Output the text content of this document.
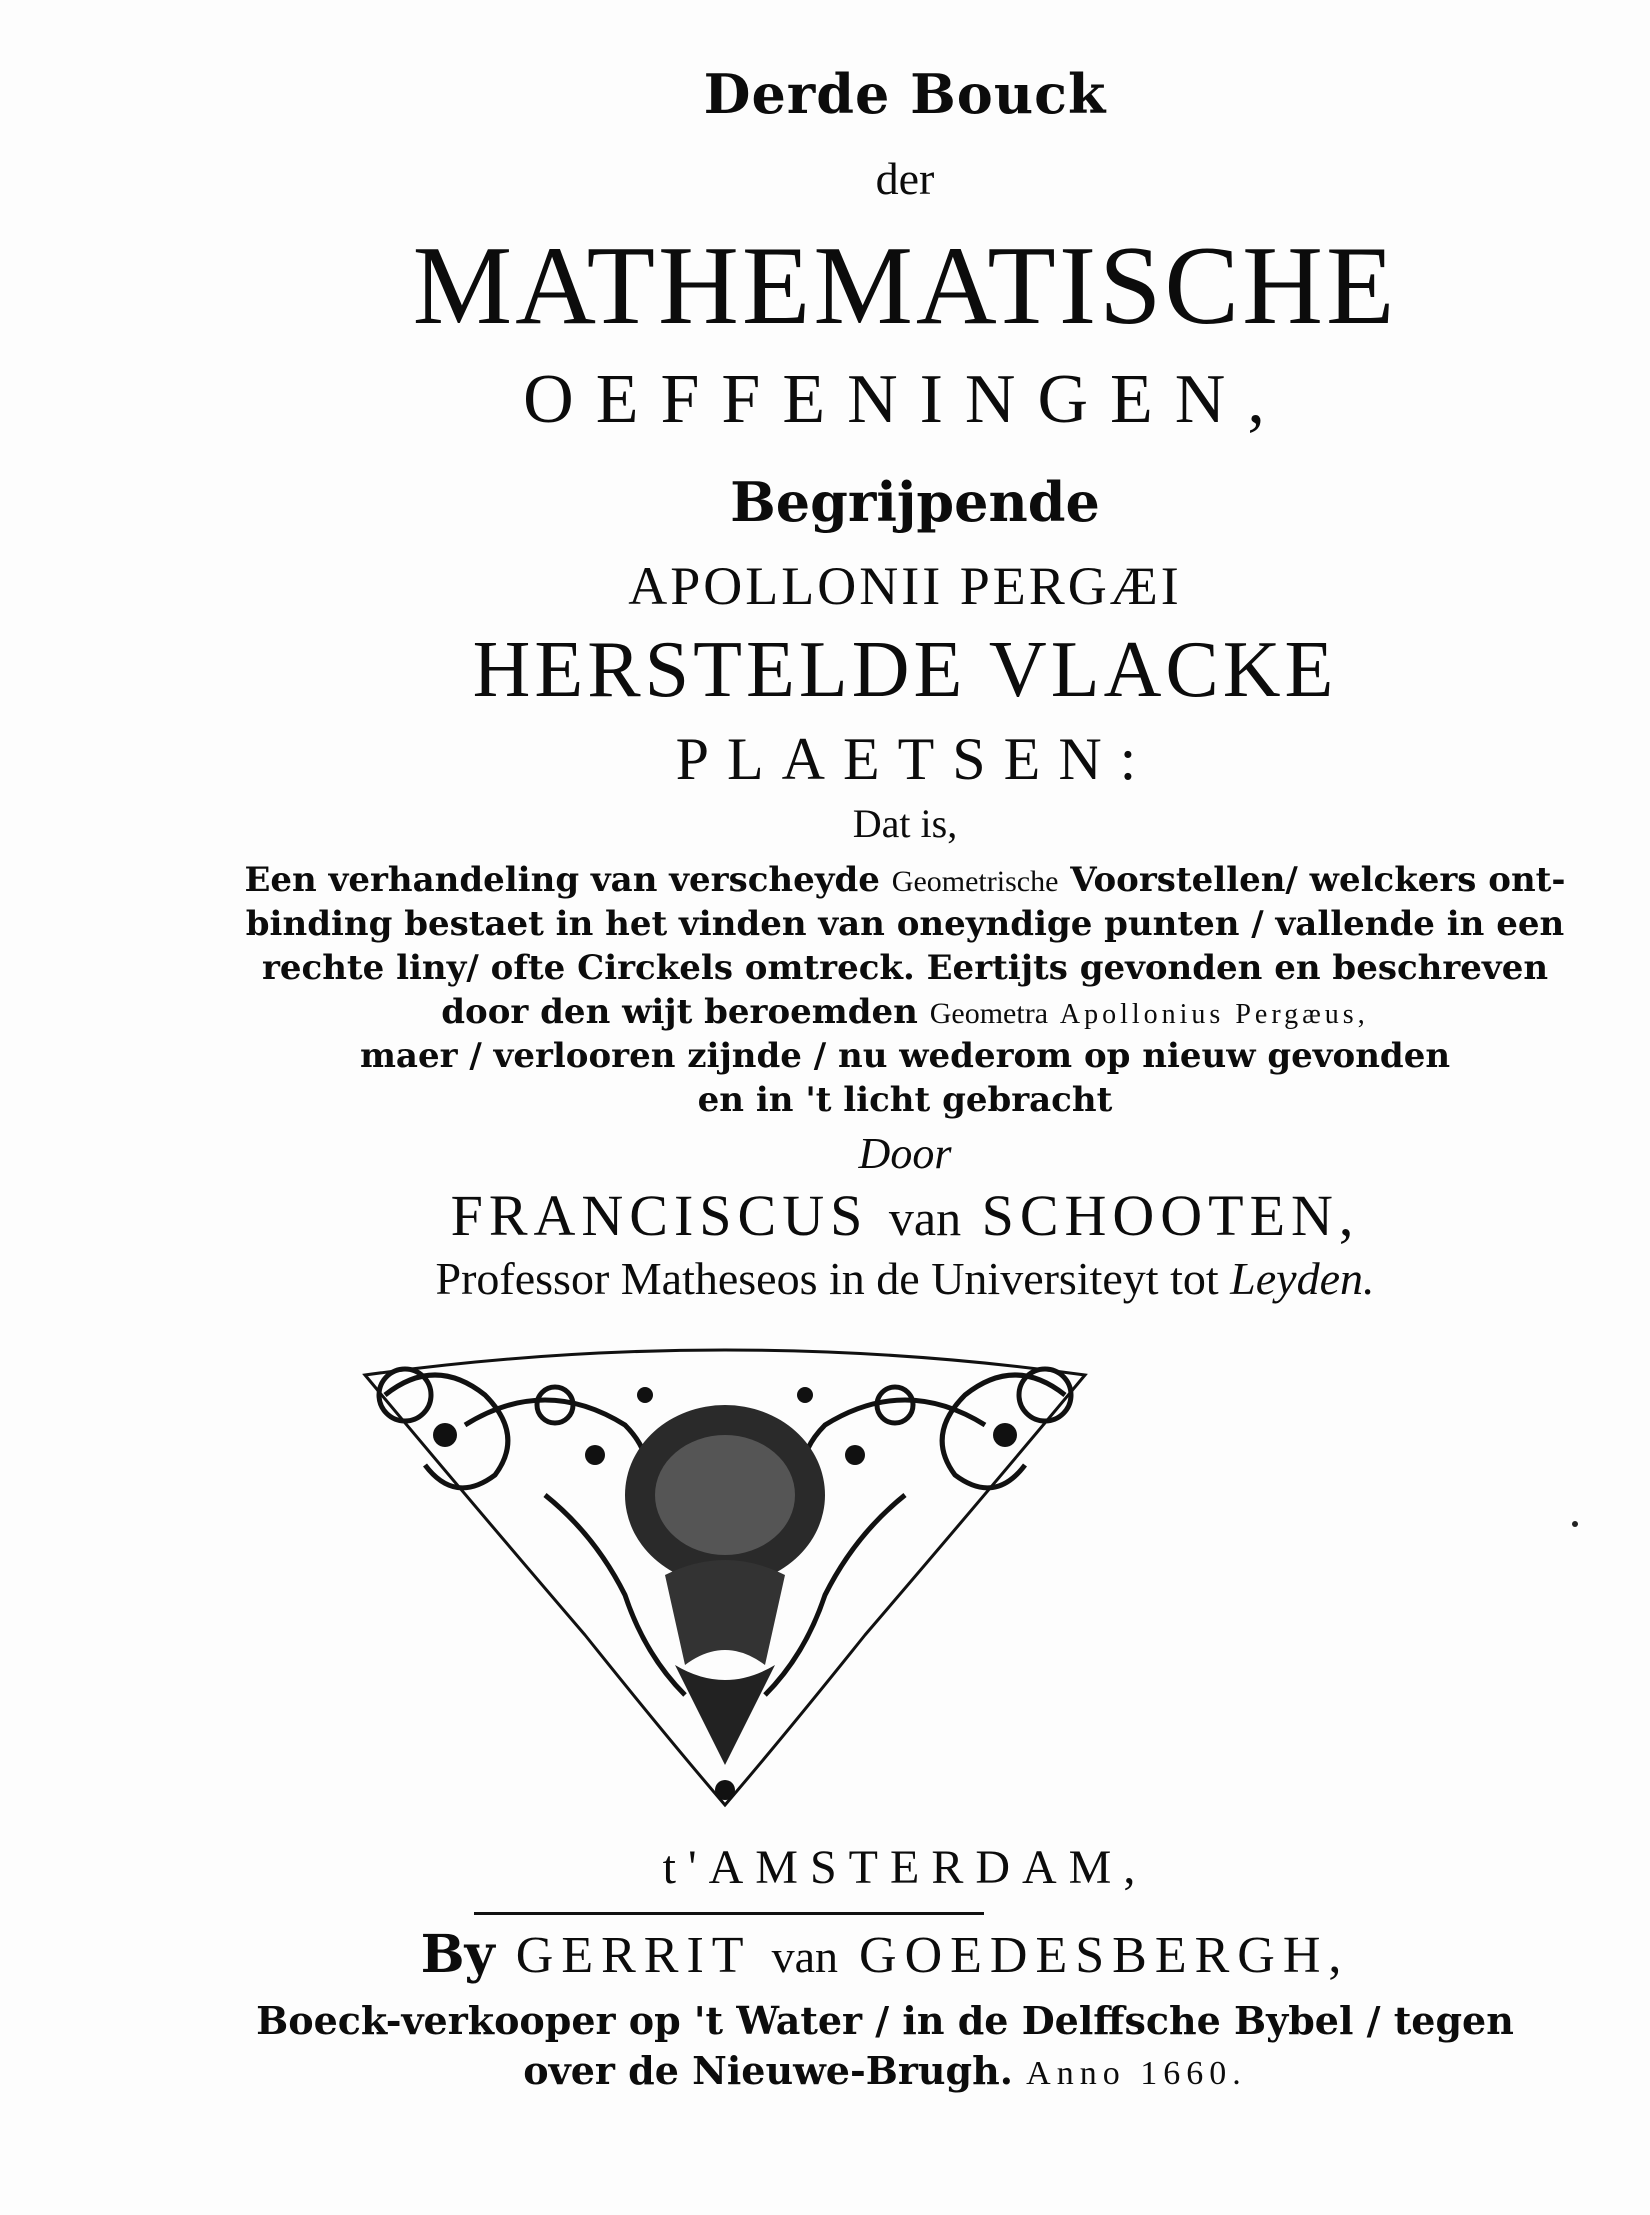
Derde Bouck
der
MATHEMATISCHE
OEFFENINGEN,
Begrijpende
APOLLONII PERGÆI
HERSTELDE VLACKE
PLAETSEN:
Dat is,
Een verhandeling van verscheyde Geometrische Voorstellen/ welckers ont-
binding bestaet in het vinden van oneyndige punten / vallende in een
rechte liny/ ofte Circkels omtreck. Eertijts gevonden en beschreven
door den wijt beroemden Geometra Apollonius Pergæus,
maer / verlooren zijnde / nu wederom op nieuw gevonden
en in 't licht gebracht
Door
FRANCISCUS van SCHOOTEN,
Professor Matheseos in de Universiteyt tot Leyden.
t'AMSTERDAM,
By GERRIT van GOEDESBERGH,
Boeck-verkooper op 't Water / in de Delffsche Bybel / tegen
over de Nieuwe-Brugh. Anno 1660.
